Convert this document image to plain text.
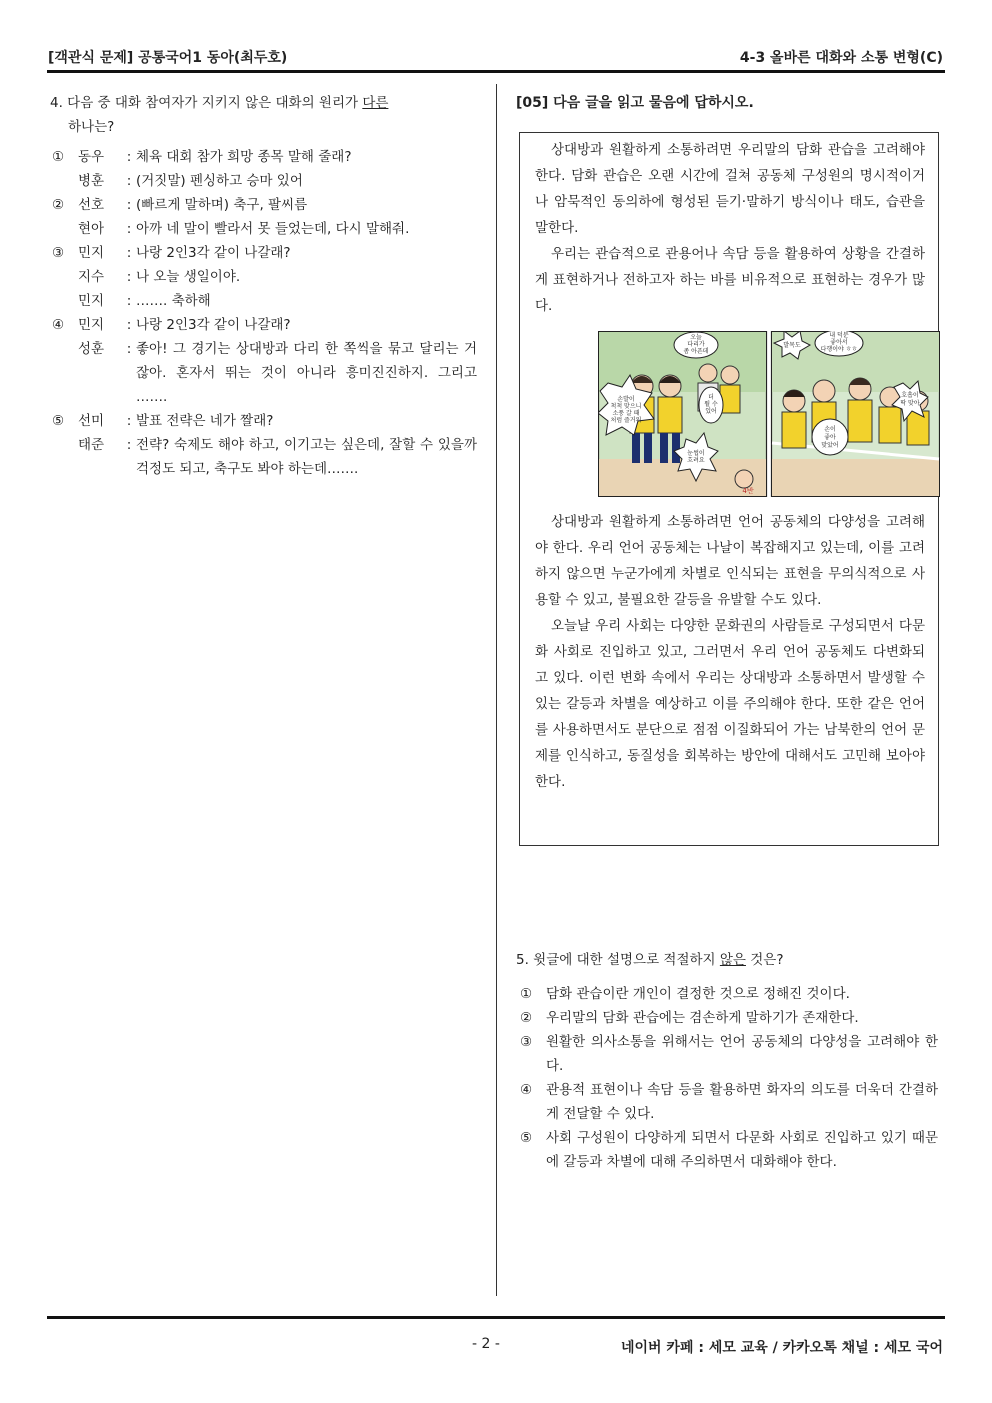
[객관식 문제] 공통국어1 동아(최두호)	4-3 올바른 대화와 소통 변형(C)
4. 다음 중 대화 참여자가 지키지 않은 대화의 원리가 다른
하나는?
①	동우	: 체육 대회 참가 희망 종목 말해 줄래?
병훈	: (거짓말) 펜싱하고 승마 있어
②	선호	: (빠르게 말하며) 축구, 팔씨름
현아	: 아까 네 말이 빨라서 못 들었는데, 다시 말해줘.
③	민지	: 나랑 2인3각 같이 나갈래?
지수	: 나 오늘 생일이야.
민지	: ……. 축하해
④	민지	: 나랑 2인3각 같이 나갈래?
성훈	: 좋아! 그 경기는 상대방과 다리 한 쪽씩을 묶고 달리는 거잖아. 혼자서 뛰는 것이 아니라 흥미진진하지. 그리고 …….
⑤	선미	: 발표 전략은 네가 짤래?
태준	: 전략? 숙제도 해야 하고, 이기고는 싶은데, 잘할 수 있을까 걱정도 되고, 축구도 봐야 하는데…….
[05] 다음 글을 읽고 물음에 답하시오.

상대방과 원활하게 소통하려면 우리말의 담화 관습을 고려해야 한다. 담화 관습은 오랜 시간에 걸쳐 공동체 구성원의 명시적이거나 암묵적인 동의하에 형성된 듣기·말하기 방식이나 태도, 습관을 말한다.

우리는 관습적으로 관용어나 속담 등을 활용하여 상황을 간결하게 표현하거나 전하고자 하는 바를 비유적으로 표현하는 경우가 많다.

오늘
다리가
좀 아픈데
발목도
내 덕분
좋아서
다행이야 ㅎㅎ
더
뛸 수
있어
호흡이
딱 맞아
손발이
척척 맞으니
소풍 갈 때
처럼 즐거워
손이
좋아
맞았어
눈썹이
흐려요
4반

상대방과 원활하게 소통하려면 언어 공동체의 다양성을 고려해야 한다. 우리 언어 공동체는 나날이 복잡해지고 있는데, 이를 고려하지 않으면 누군가에게 차별로 인식되는 표현을 무의식적으로 사용할 수 있고, 불필요한 갈등을 유발할 수도 있다.

오늘날 우리 사회는 다양한 문화권의 사람들로 구성되면서 다문화 사회로 진입하고 있고, 그러면서 우리 언어 공동체도 다변화되고 있다. 이런 변화 속에서 우리는 상대방과 소통하면서 발생할 수 있는 갈등과 차별을 예상하고 이를 주의해야 한다. 또한 같은 언어를 사용하면서도 분단으로 점점 이질화되어 가는 남북한의 언어 문제를 인식하고, 동질성을 회복하는 방안에 대해서도 고민해 보아야 한다.

5. 윗글에 대한 설명으로 적절하지 않은 것은?
①	담화 관습이란 개인이 결정한 것으로 정해진 것이다.
②	우리말의 담화 관습에는 겸손하게 말하기가 존재한다.
③	원활한 의사소통을 위해서는 언어 공동체의 다양성을 고려해야 한다.
④	관용적 표현이나 속담 등을 활용하면 화자의 의도를 더욱더 간결하게 전달할 수 있다.
⑤	사회 구성원이 다양하게 되면서 다문화 사회로 진입하고 있기 때문에 갈등과 차별에 대해 주의하면서 대화해야 한다.
- 2 -	네이버 카페 : 세모 교육 / 카카오톡 채널 : 세모 국어
